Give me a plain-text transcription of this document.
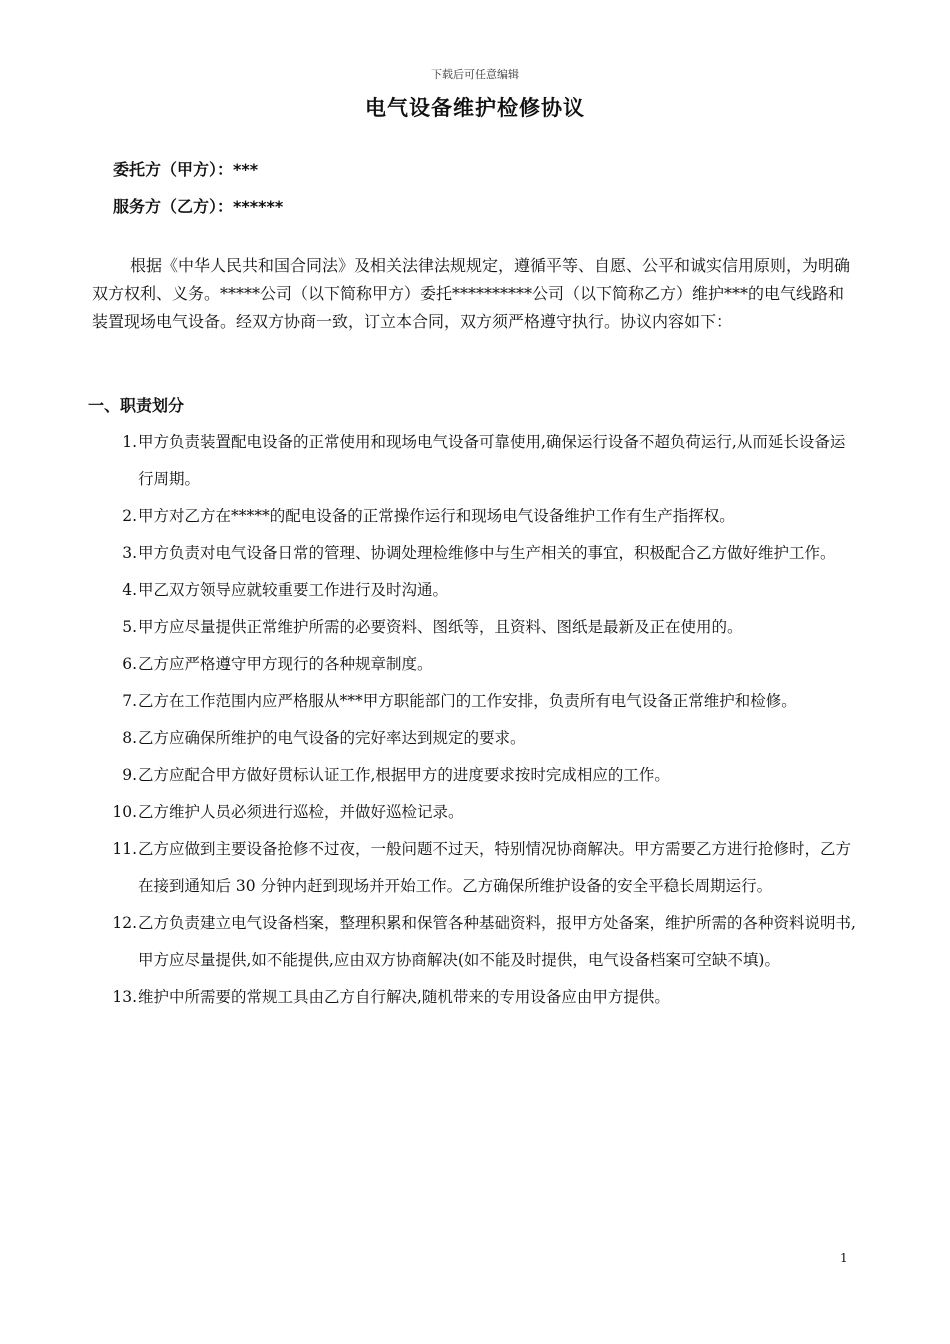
下载后可任意编辑
电气设备维护检修协议
委托方（甲方）：***
服务方（乙方）：******

根据《中华人民共和国合同法》及相关法律法规规定，遵循平等、自愿、公平和诚实信用原则，为明确双方权利、义务。*****公司（以下简称甲方）委托**********公司（以下简称乙方）维护***的电气线路和装置现场电气设备。经双方协商一致，订立本合同，双方须严格遵守执行。协议内容如下：

一、职责划分
1. 甲方负责装置配电设备的正常使用和现场电气设备可靠使用,确保运行设备不超负荷运行,从而延长设备运行周期。
2. 甲方对乙方在*****的配电设备的正常操作运行和现场电气设备维护工作有生产指挥权。
3. 甲方负责对电气设备日常的管理、协调处理检维修中与生产相关的事宜，积极配合乙方做好维护工作。
4. 甲乙双方领导应就较重要工作进行及时沟通。
5. 甲方应尽量提供正常维护所需的必要资料、图纸等，且资料、图纸是最新及正在使用的。
6. 乙方应严格遵守甲方现行的各种规章制度。
7. 乙方在工作范围内应严格服从***甲方职能部门的工作安排，负责所有电气设备正常维护和检修。
8. 乙方应确保所维护的电气设备的完好率达到规定的要求。
9. 乙方应配合甲方做好贯标认证工作,根据甲方的进度要求按时完成相应的工作。
10. 乙方维护人员必须进行巡检，并做好巡检记录。
11. 乙方应做到主要设备抢修不过夜，一般问题不过天，特别情况协商解决。甲方需要乙方进行抢修时，乙方在接到通知后 30 分钟内赶到现场并开始工作。乙方确保所维护设备的安全平稳长周期运行。
12. 乙方负责建立电气设备档案，整理积累和保管各种基础资料，报甲方处备案，维护所需的各种资料说明书,甲方应尽量提供,如不能提供,应由双方协商解决(如不能及时提供，电气设备档案可空缺不填)。
13. 维护中所需要的常规工具由乙方自行解决,随机带来的专用设备应由甲方提供。
1
